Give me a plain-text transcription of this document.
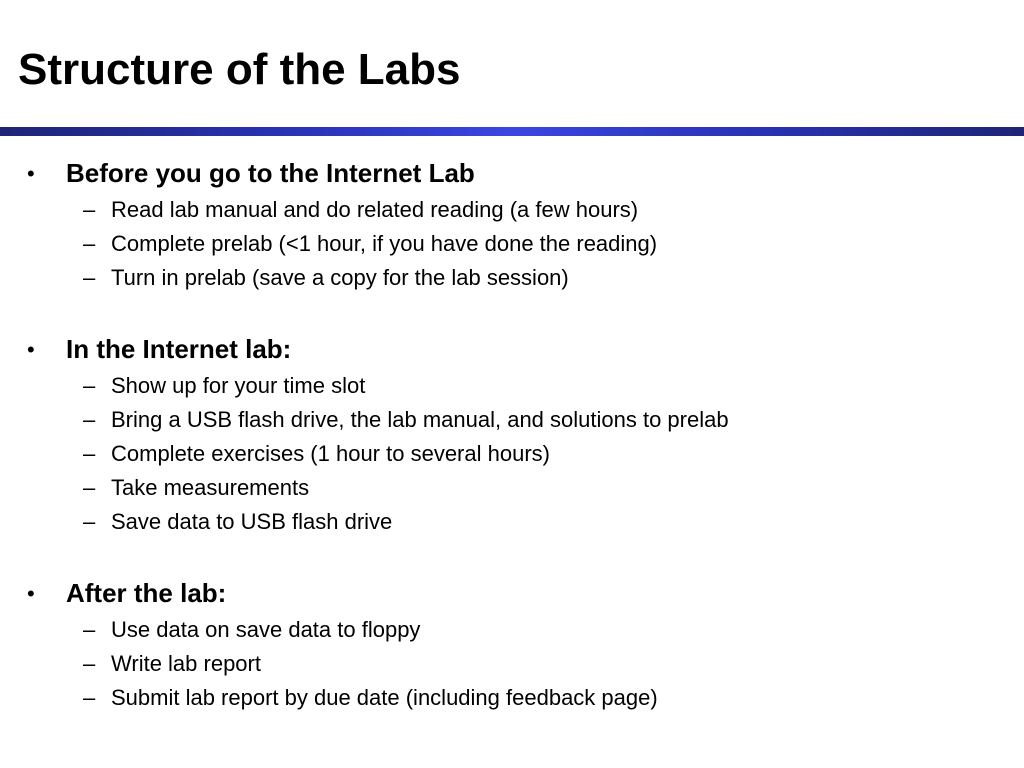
Structure of the Labs
• Before you go to the Internet Lab
– Read lab manual and do related reading (a few hours)
– Complete prelab (<1 hour, if you have done the reading)
– Turn in prelab (save a copy for the lab session)
• In the Internet lab:
– Show up for your time slot
– Bring a USB flash drive, the lab manual, and solutions to prelab
– Complete exercises (1 hour to several hours)
– Take measurements
– Save data to USB flash drive
• After the lab:
– Use data on save data to floppy
– Write lab report
– Submit lab report by due date (including feedback page)
